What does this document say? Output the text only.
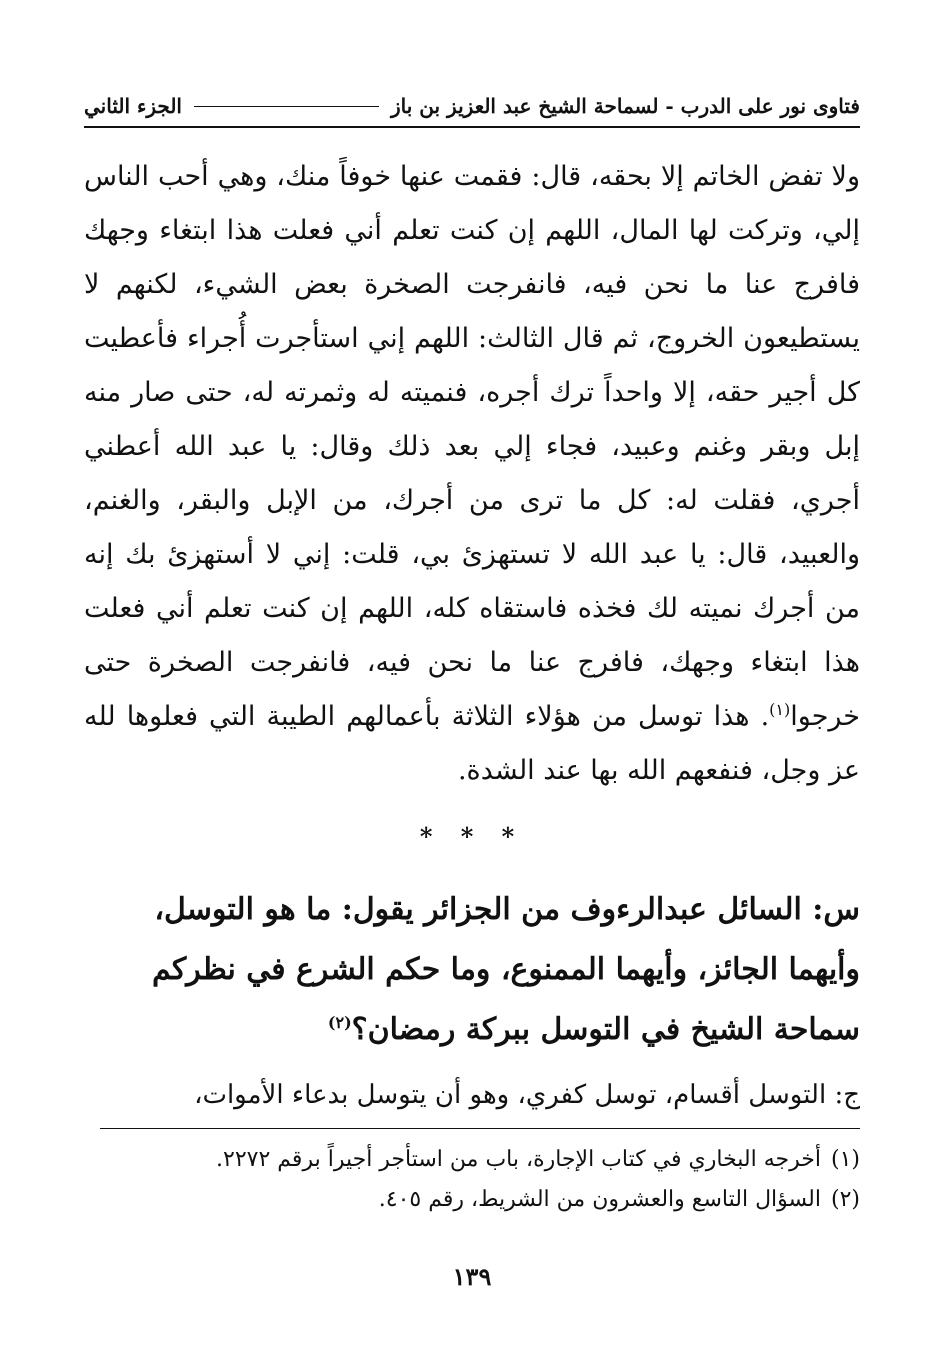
فتاوى نور على الدرب - لسماحة الشيخ عبد العزيز بن باز
الجزء الثاني

ولا تفض الخاتم إلا بحقه، قال: فقمت عنها خوفاً منك، وهي أحب الناس إلي، وتركت لها المال، اللهم إن كنت تعلم أني فعلت هذا ابتغاء وجهك فافرج عنا ما نحن فيه، فانفرجت الصخرة بعض الشيء، لكنهم لا يستطيعون الخروج، ثم قال الثالث: اللهم إني استأجرت أُجراء فأعطيت كل أجير حقه، إلا واحداً ترك أجره، فنميته له وثمرته له، حتى صار منه إبل وبقر وغنم وعبيد، فجاء إلي بعد ذلك وقال: يا عبد الله أعطني أجري، فقلت له: كل ما ترى من أجرك، من الإبل والبقر، والغنم، والعبيد، قال: يا عبد الله لا تستهزئ بي، قلت: إني لا أستهزئ بك إنه من أجرك نميته لك فخذه فاستقاه كله، اللهم إن كنت تعلم أني فعلت هذا ابتغاء وجهك، فافرج عنا ما نحن فيه، فانفرجت الصخرة حتى خرجوا$^{(١)}$. هذا توسل من هؤلاء الثلاثة بأعمالهم الطيبة التي فعلوها لله عز وجل، فنفعهم الله بها عند الشدة.

* * *

س: السائل عبدالرءوف من الجزائر يقول: ما هو التوسل، وأيهما الجائز، وأيهما الممنوع، وما حكم الشرع في نظركم سماحة الشيخ في التوسل ببركة رمضان؟$^{(٢)}$

ج: التوسل أقسام، توسل كفري، وهو أن يتوسل بدعاء الأموات،

(١)
أخرجه البخاري في كتاب الإجارة، باب من استأجر أجيراً برقم ٢٢٧٢.
(٢)
السؤال التاسع والعشرون من الشريط، رقم ٤٠٥.
١٣٩
